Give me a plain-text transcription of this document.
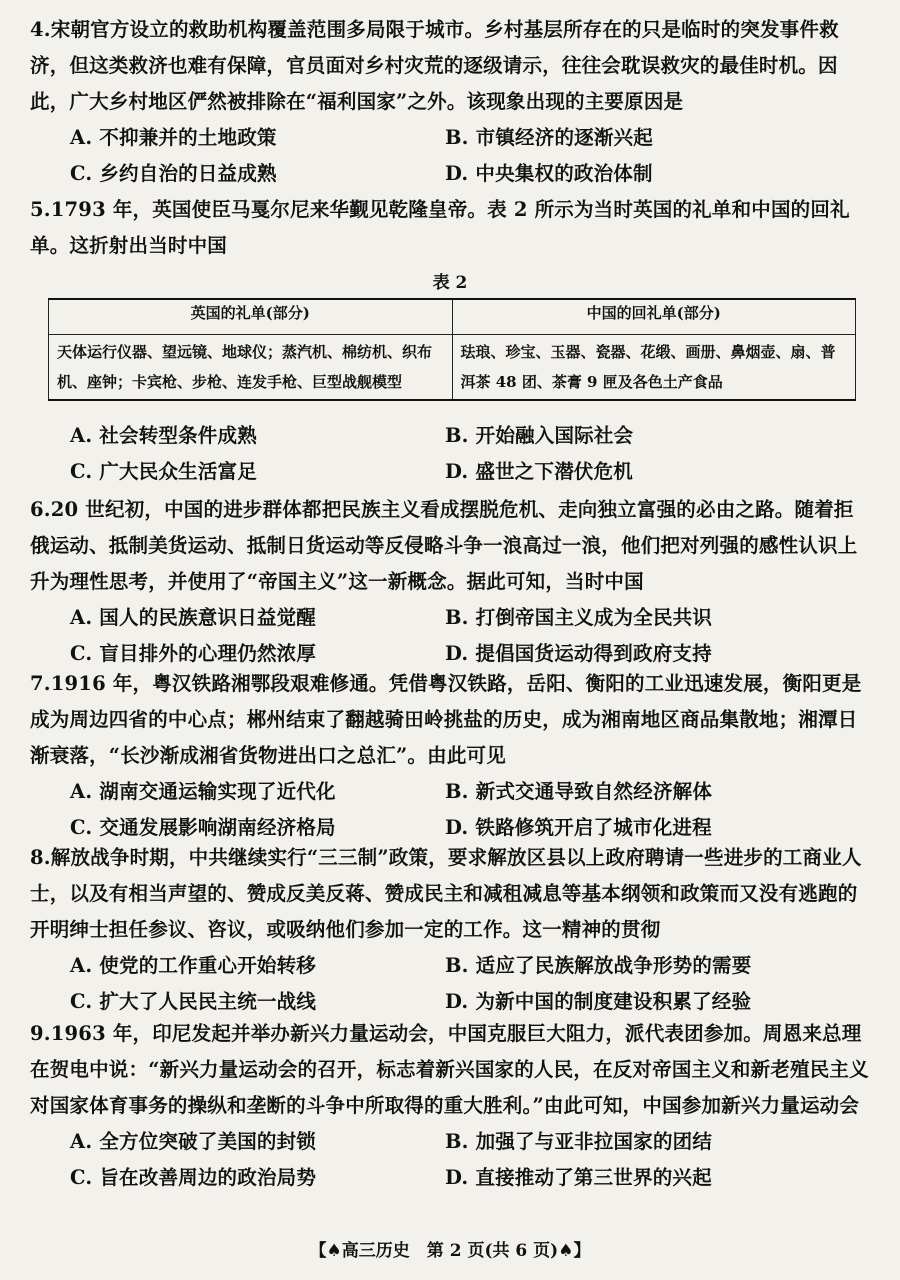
4.宋朝官方设立的救助机构覆盖范围多局限于城市。乡村基层所存在的只是临时的突发事件救济，但这类救济也难有保障，官员面对乡村灾荒的逐级请示，往往会耽误救灾的最佳时机。因此，广大乡村地区俨然被排除在“福利国家”之外。该现象出现的主要原因是
A. 不抑兼并的土地政策	B. 市镇经济的逐渐兴起
C. 乡约自治的日益成熟	D. 中央集权的政治体制
5.1793 年，英国使臣马戛尔尼来华觐见乾隆皇帝。表 2 所示为当时英国的礼单和中国的回礼单。这折射出当时中国
表 2
英国的礼单(部分)	中国的回礼单(部分)
天体运行仪器、望远镜、地球仪；蒸汽机、棉纺机、织布机、座钟；卡宾枪、步枪、连发手枪、巨型战舰模型	珐琅、珍宝、玉器、瓷器、花缎、画册、鼻烟壶、扇、普洱茶 48 团、茶膏 9 匣及各色土产食品
A. 社会转型条件成熟	B. 开始融入国际社会
C. 广大民众生活富足	D. 盛世之下潜伏危机
6.20 世纪初，中国的进步群体都把民族主义看成摆脱危机、走向独立富强的必由之路。随着拒俄运动、抵制美货运动、抵制日货运动等反侵略斗争一浪高过一浪，他们把对列强的感性认识上升为理性思考，并使用了“帝国主义”这一新概念。据此可知，当时中国
A. 国人的民族意识日益觉醒	B. 打倒帝国主义成为全民共识
C. 盲目排外的心理仍然浓厚	D. 提倡国货运动得到政府支持
7.1916 年，粤汉铁路湘鄂段艰难修通。凭借粤汉铁路，岳阳、衡阳的工业迅速发展，衡阳更是成为周边四省的中心点；郴州结束了翻越骑田岭挑盐的历史，成为湘南地区商品集散地；湘潭日渐衰落，“长沙渐成湘省货物进出口之总汇”。由此可见
A. 湖南交通运输实现了近代化	B. 新式交通导致自然经济解体
C. 交通发展影响湖南经济格局	D. 铁路修筑开启了城市化进程
8.解放战争时期，中共继续实行“三三制”政策，要求解放区县以上政府聘请一些进步的工商业人士，以及有相当声望的、赞成反美反蒋、赞成民主和减租减息等基本纲领和政策而又没有逃跑的开明绅士担任参议、咨议，或吸纳他们参加一定的工作。这一精神的贯彻
A. 使党的工作重心开始转移	B. 适应了民族解放战争形势的需要
C. 扩大了人民民主统一战线	D. 为新中国的制度建设积累了经验
9.1963 年，印尼发起并举办新兴力量运动会，中国克服巨大阻力，派代表团参加。周恩来总理在贺电中说：“新兴力量运动会的召开，标志着新兴国家的人民，在反对帝国主义和新老殖民主义对国家体育事务的操纵和垄断的斗争中所取得的重大胜利。”由此可知，中国参加新兴力量运动会
A. 全方位突破了美国的封锁	B. 加强了与亚非拉国家的团结
C. 旨在改善周边的政治局势	D. 直接推动了第三世界的兴起
【♠高三历史　第 2 页(共 6 页)♠】
